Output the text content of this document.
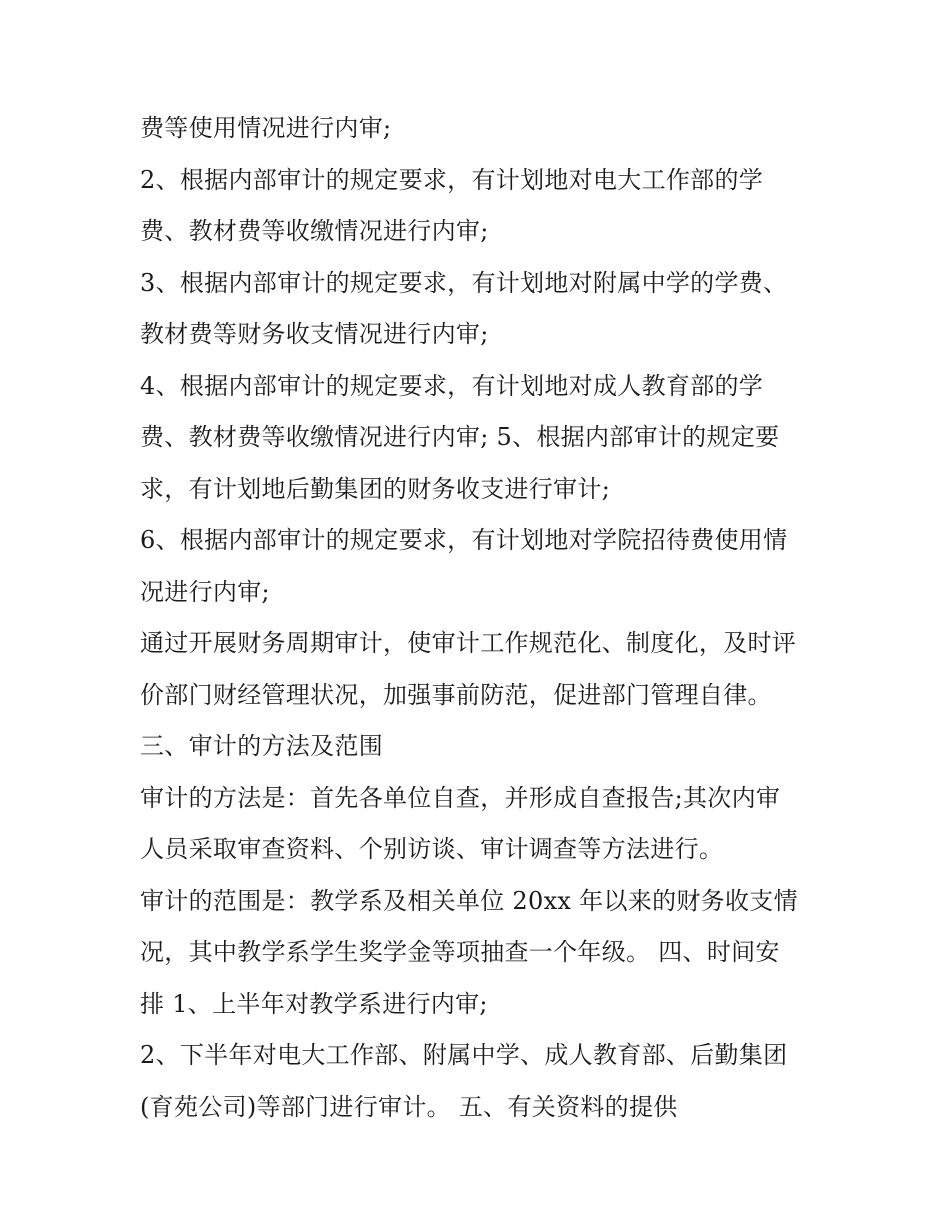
费等使用情况进行内审;
2、根据内部审计的规定要求，有计划地对电大工作部的学
费、教材费等收缴情况进行内审;
3、根据内部审计的规定要求，有计划地对附属中学的学费、
教材费等财务收支情况进行内审;
4、根据内部审计的规定要求，有计划地对成人教育部的学
费、教材费等收缴情况进行内审; 5、根据内部审计的规定要
求，有计划地后勤集团的财务收支进行审计;
6、根据内部审计的规定要求，有计划地对学院招待费使用情
况进行内审;
通过开展财务周期审计，使审计工作规范化、制度化，及时评
价部门财经管理状况，加强事前防范，促进部门管理自律。
三、审计的方法及范围
审计的方法是：首先各单位自查，并形成自查报告;其次内审
人员采取审查资料、个别访谈、审计调查等方法进行。
审计的范围是：教学系及相关单位 20xx 年以来的财务收支情
况，其中教学系学生奖学金等项抽查一个年级。 四、时间安
排 1、上半年对教学系进行内审;
2、下半年对电大工作部、附属中学、成人教育部、后勤集团
(育苑公司)等部门进行审计。 五、有关资料的提供
